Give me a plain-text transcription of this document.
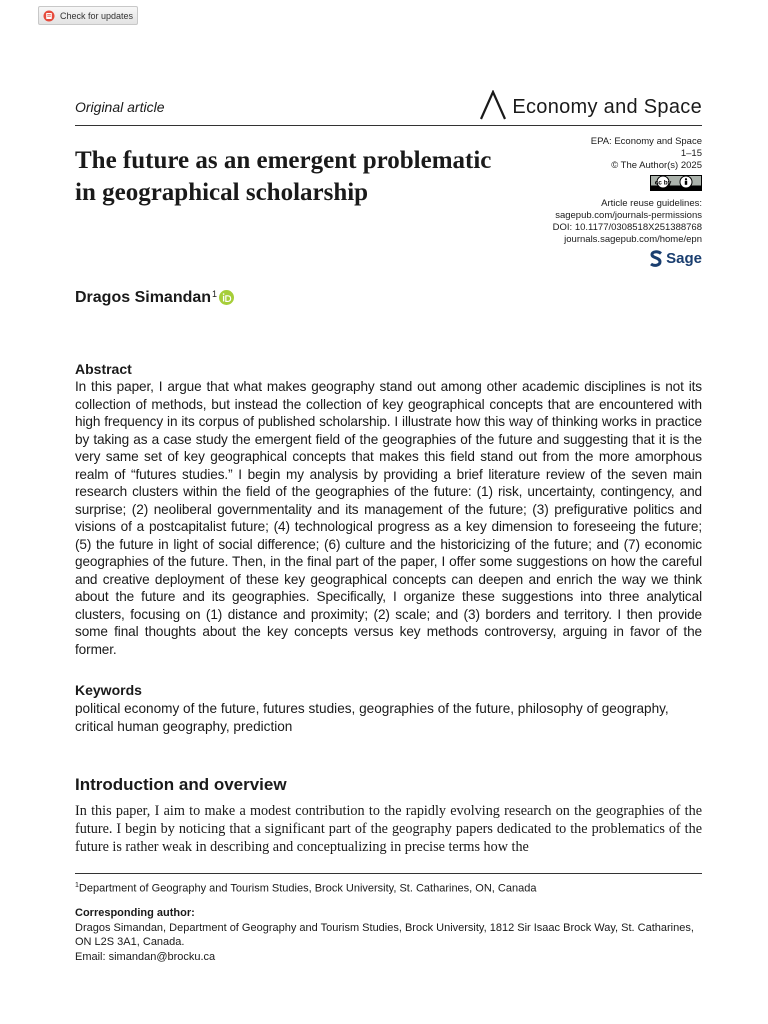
Check for updates
Original article	Economy and Space
The future as an emergent problematic in geographical scholarship
EPA: Economy and Space
1–15
© The Author(s) 2025
cc by
Article reuse guidelines:
sagepub.com/journals-permissions
DOI: 10.1177/0308518X251388768
journals.sagepub.com/home/epn
Sage
Dragos Simandan$^1$
Abstract

In this paper, I argue that what makes geography stand out among other academic disciplines is not its collection of methods, but instead the collection of key geographical concepts that are encountered with high frequency in its corpus of published scholarship. I illustrate how this way of thinking works in practice by taking as a case study the emergent field of the geographies of the future and suggesting that it is the very same set of key geographical concepts that makes this field stand out from the more amorphous realm of “futures studies.” I begin my analysis by providing a brief literature review of the seven main research clusters within the field of the geographies of the future: (1) risk, uncertainty, contingency, and surprise; (2) neoliberal governmentality and its management of the future; (3) prefigurative politics and visions of a postcapitalist future; (4) technological progress as a key dimension to foreseeing the future; (5) the future in light of social difference; (6) culture and the historicizing of the future; and (7) economic geographies of the future. Then, in the final part of the paper, I offer some suggestions on how the careful and creative deployment of these key geographical concepts can deepen and enrich the way we think about the future and its geographies. Specifically, I organize these suggestions into three analytical clusters, focusing on (1) distance and proximity; (2) scale; and (3) borders and territory. I then provide some final thoughts about the key concepts versus key methods controversy, arguing in favor of the former.

Keywords

political economy of the future, futures studies, geographies of the future, philosophy of geography, critical human geography, prediction

Introduction and overview

In this paper, I aim to make a modest contribution to the rapidly evolving research on the geographies of the future. I begin by noticing that a significant part of the geography papers dedicated to the problematics of the future is rather weak in describing and conceptualizing in precise terms how the

$^1$Department of Geography and Tourism Studies, Brock University, St. Catharines, ON, Canada

Corresponding author:
Dragos Simandan, Department of Geography and Tourism Studies, Brock University, 1812 Sir Isaac Brock Way, St. Catharines, ON L2S 3A1, Canada.
Email: simandan@brocku.ca
